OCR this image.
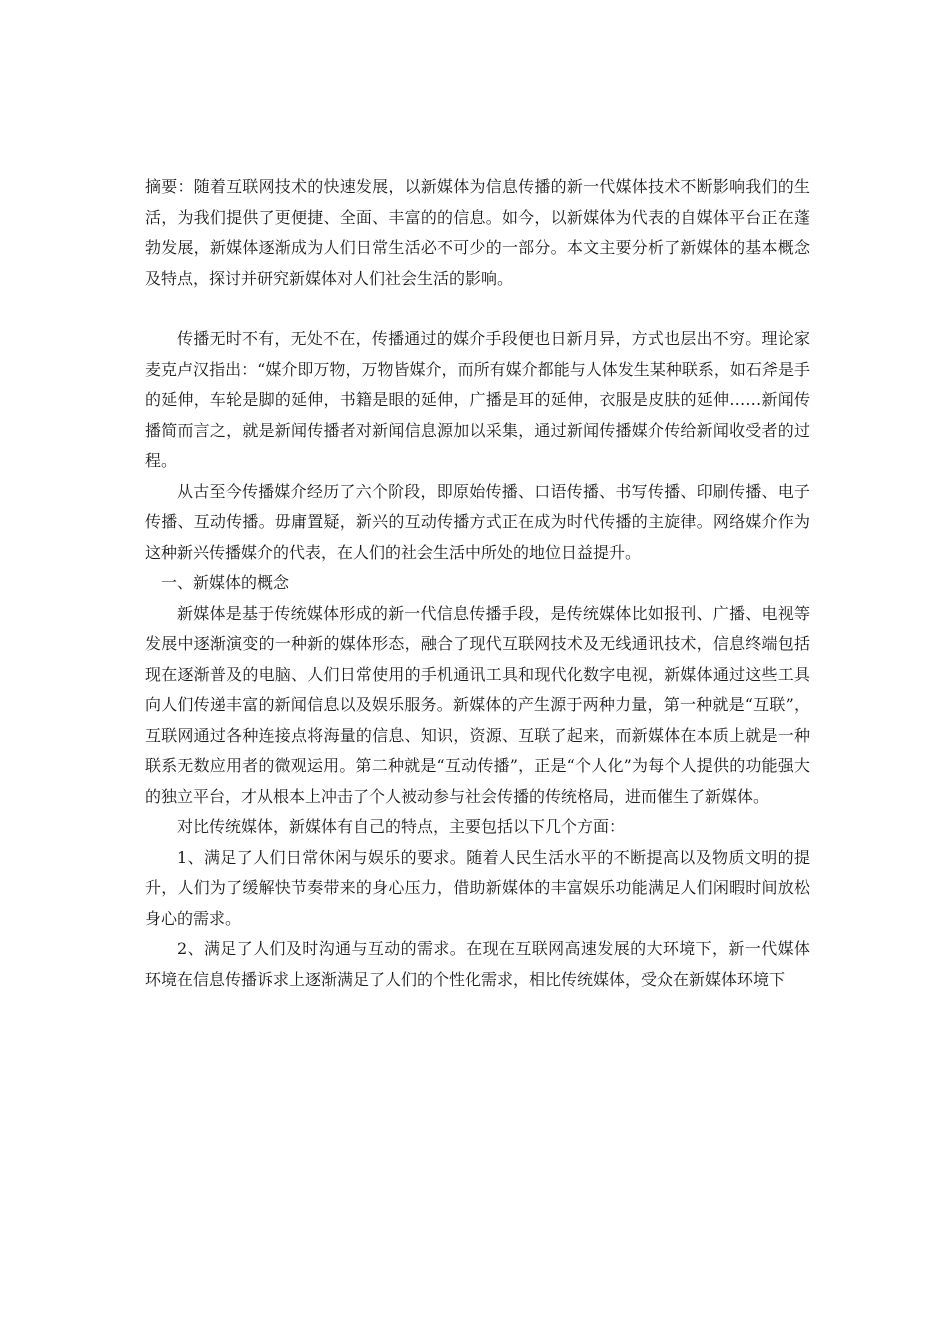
摘要：随着互联网技术的快速发展，以新媒体为信息传播的新一代媒体技术不断影响我们的生活，为我们提供了更便捷、全面、丰富的的信息。如今，以新媒体为代表的自媒体平台正在蓬勃发展，新媒体逐渐成为人们日常生活必不可少的一部分。本文主要分析了新媒体的基本概念及特点，探讨并研究新媒体对人们社会生活的影响。

传播无时不有，无处不在，传播通过的媒介手段便也日新月异，方式也层出不穷。理论家麦克卢汉指出：“媒介即万物，万物皆媒介，而所有媒介都能与人体发生某种联系，如石斧是手的延伸，车轮是脚的延伸，书籍是眼的延伸，广播是耳的延伸，衣服是皮肤的延伸……新闻传播简而言之，就是新闻传播者对新闻信息源加以采集，通过新闻传播媒介传给新闻收受者的过程。

从古至今传播媒介经历了六个阶段，即原始传播、口语传播、书写传播、印刷传播、电子传播、互动传播。毋庸置疑，新兴的互动传播方式正在成为时代传播的主旋律。网络媒介作为这种新兴传播媒介的代表，在人们的社会生活中所处的地位日益提升。

一、新媒体的概念

新媒体是基于传统媒体形成的新一代信息传播手段，是传统媒体比如报刊、广播、电视等发展中逐渐演变的一种新的媒体形态，融合了现代互联网技术及无线通讯技术，信息终端包括现在逐渐普及的电脑、人们日常使用的手机通讯工具和现代化数字电视，新媒体通过这些工具向人们传递丰富的新闻信息以及娱乐服务。新媒体的产生源于两种力量，第一种就是“互联”，互联网通过各种连接点将海量的信息、知识，资源、互联了起来，而新媒体在本质上就是一种联系无数应用者的微观运用。第二种就是“互动传播”，正是“个人化”为每个人提供的功能强大的独立平台，才从根本上冲击了个人被动参与社会传播的传统格局，进而催生了新媒体。

对比传统媒体，新媒体有自己的特点，主要包括以下几个方面：

1、满足了人们日常休闲与娱乐的要求。随着人民生活水平的不断提高以及物质文明的提升，人们为了缓解快节奏带来的身心压力，借助新媒体的丰富娱乐功能满足人们闲暇时间放松身心的需求。

2、满足了人们及时沟通与互动的需求。在现在互联网高速发展的大环境下，新一代媒体环境在信息传播诉求上逐渐满足了人们的个性化需求，相比传统媒体，受众在新媒体环境下
